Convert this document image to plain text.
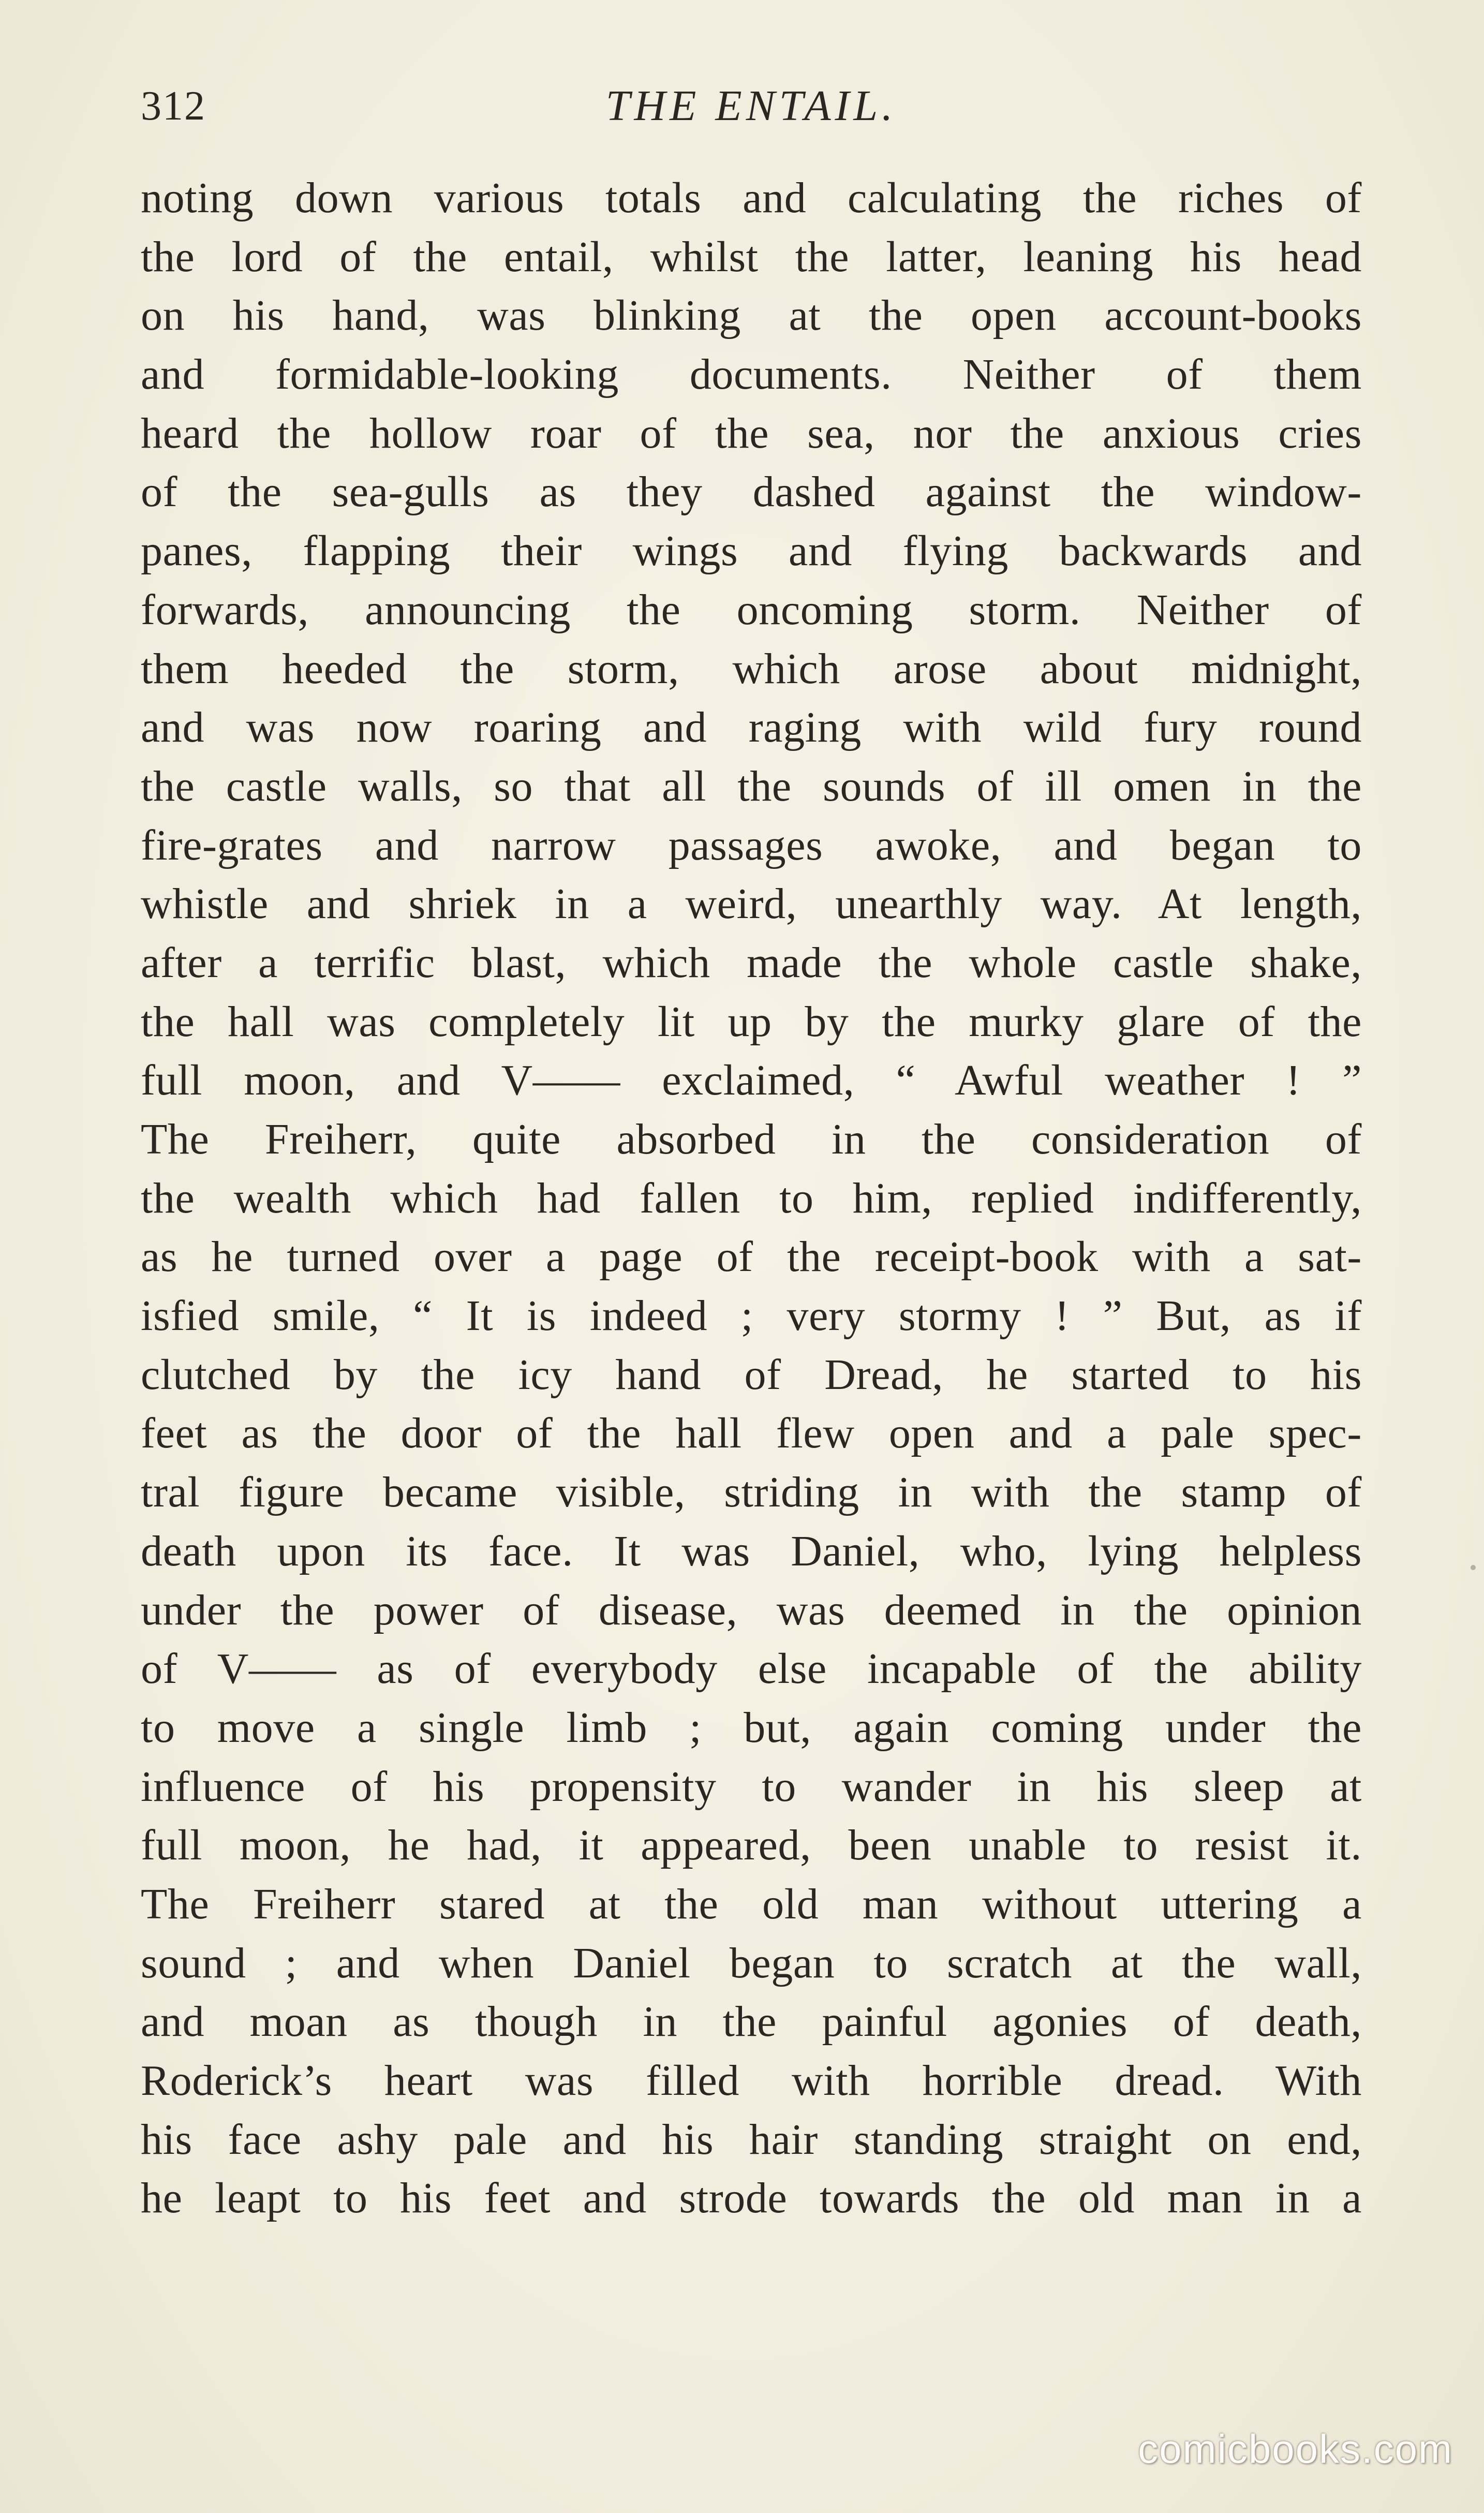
312	THE ENTAIL.
noting down various totals and calculating the riches of
the lord of the entail, whilst the latter, leaning his head
on his hand, was blinking at the open account-books
and formidable-looking documents. Neither of them
heard the hollow roar of the sea, nor the anxious cries
of the sea-gulls as they dashed against the window-
panes, flapping their wings and flying backwards and
forwards, announcing the oncoming storm. Neither of
them heeded the storm, which arose about midnight,
and was now roaring and raging with wild fury round
the castle walls, so that all the sounds of ill omen in the
fire-grates and narrow passages awoke, and began to
whistle and shriek in a weird, unearthly way. At length,
after a terrific blast, which made the whole castle shake,
the hall was completely lit up by the murky glare of the
full moon, and V—— exclaimed, “ Awful weather ! ”
The Freiherr, quite absorbed in the consideration of
the wealth which had fallen to him, replied indifferently,
as he turned over a page of the receipt-book with a sat-
isfied smile, “ It is indeed ; very stormy ! ” But, as if
clutched by the icy hand of Dread, he started to his
feet as the door of the hall flew open and a pale spec-
tral figure became visible, striding in with the stamp of
death upon its face. It was Daniel, who, lying helpless
under the power of disease, was deemed in the opinion
of V—— as of everybody else incapable of the ability
to move a single limb ; but, again coming under the
influence of his propensity to wander in his sleep at
full moon, he had, it appeared, been unable to resist it.
The Freiherr stared at the old man without uttering a
sound ; and when Daniel began to scratch at the wall,
and moan as though in the painful agonies of death,
Roderick’s heart was filled with horrible dread. With
his face ashy pale and his hair standing straight on end,
he leapt to his feet and strode towards the old man in a
comicbooks.com
